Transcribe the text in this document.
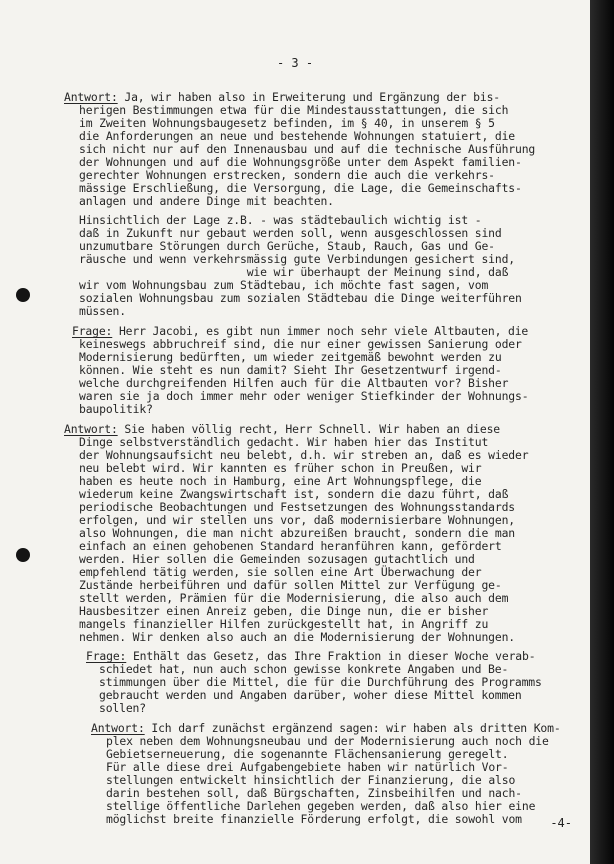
- 3 -
Antwort: Ja, wir haben also in Erweiterung und Ergänzung der bis-
herigen Bestimmungen etwa für die Mindestausstattungen, die sich
im Zweiten Wohnungsbaugesetz befinden, im § 40, in unserem § 5
die Anforderungen an neue und bestehende Wohnungen statuiert, die
sich nicht nur auf den Innenausbau und auf die technische Ausführung
der Wohnungen und auf die Wohnungsgröße unter dem Aspekt familien-
gerechter Wohnungen erstrecken, sondern die auch die verkehrs-
mässige Erschließung, die Versorgung, die Lage, die Gemeinschafts-
anlagen und andere Dinge mit beachten.
Hinsichtlich der Lage z.B. - was städtebaulich wichtig ist -
daß in Zukunft nur gebaut werden soll, wenn ausgeschlossen sind
unzumutbare Störungen durch Gerüche, Staub, Rauch, Gas und Ge-
räusche und wenn verkehrsmässig gute Verbindungen gesichert sind,
wie wir überhaupt der Meinung sind, daß
wir vom Wohnungsbau zum Städtebau, ich möchte fast sagen, vom
sozialen Wohnungsbau zum sozialen Städtebau die Dinge weiterführen
müssen.
Frage: Herr Jacobi, es gibt nun immer noch sehr viele Altbauten, die
keineswegs abbruchreif sind, die nur einer gewissen Sanierung oder
Modernisierung bedürften, um wieder zeitgemäß bewohnt werden zu
können. Wie steht es nun damit? Sieht Ihr Gesetzentwurf irgend-
welche durchgreifenden Hilfen auch für die Altbauten vor? Bisher
waren sie ja doch immer mehr oder weniger Stiefkinder der Wohnungs-
baupolitik?
Antwort: Sie haben völlig recht, Herr Schnell. Wir haben an diese
Dinge selbstverständlich gedacht. Wir haben hier das Institut
der Wohnungsaufsicht neu belebt, d.h. wir streben an, daß es wieder
neu belebt wird. Wir kannten es früher schon in Preußen, wir
haben es heute noch in Hamburg, eine Art Wohnungspflege, die
wiederum keine Zwangswirtschaft ist, sondern die dazu führt, daß
periodische Beobachtungen und Festsetzungen des Wohnungsstandards
erfolgen, und wir stellen uns vor, daß modernisierbare Wohnungen,
also Wohnungen, die man nicht abzureißen braucht, sondern die man
einfach an einen gehobenen Standard heranführen kann, gefördert
werden. Hier sollen die Gemeinden sozusagen gutachtlich und
empfehlend tätig werden, sie sollen eine Art Überwachung der
Zustände herbeiführen und dafür sollen Mittel zur Verfügung ge-
stellt werden, Prämien für die Modernisierung, die also auch dem
Hausbesitzer einen Anreiz geben, die Dinge nun, die er bisher
mangels finanzieller Hilfen zurückgestellt hat, in Angriff zu
nehmen. Wir denken also auch an die Modernisierung der Wohnungen.
Frage: Enthält das Gesetz, das Ihre Fraktion in dieser Woche verab-
schiedet hat, nun auch schon gewisse konkrete Angaben und Be-
stimmungen über die Mittel, die für die Durchführung des Programms
gebraucht werden und Angaben darüber, woher diese Mittel kommen
sollen?
Antwort: Ich darf zunächst ergänzend sagen: wir haben als dritten Kom-
plex neben dem Wohnungsneubau und der Modernisierung auch noch die
Gebietserneuerung, die sogenannte Flächensanierung geregelt.
Für alle diese drei Aufgabengebiete haben wir natürlich Vor-
stellungen entwickelt hinsichtlich der Finanzierung, die also
darin bestehen soll, daß Bürgschaften, Zinsbeihilfen und nach-
stellige öffentliche Darlehen gegeben werden, daß also hier eine
möglichst breite finanzielle Förderung erfolgt, die sowohl vom -4-
